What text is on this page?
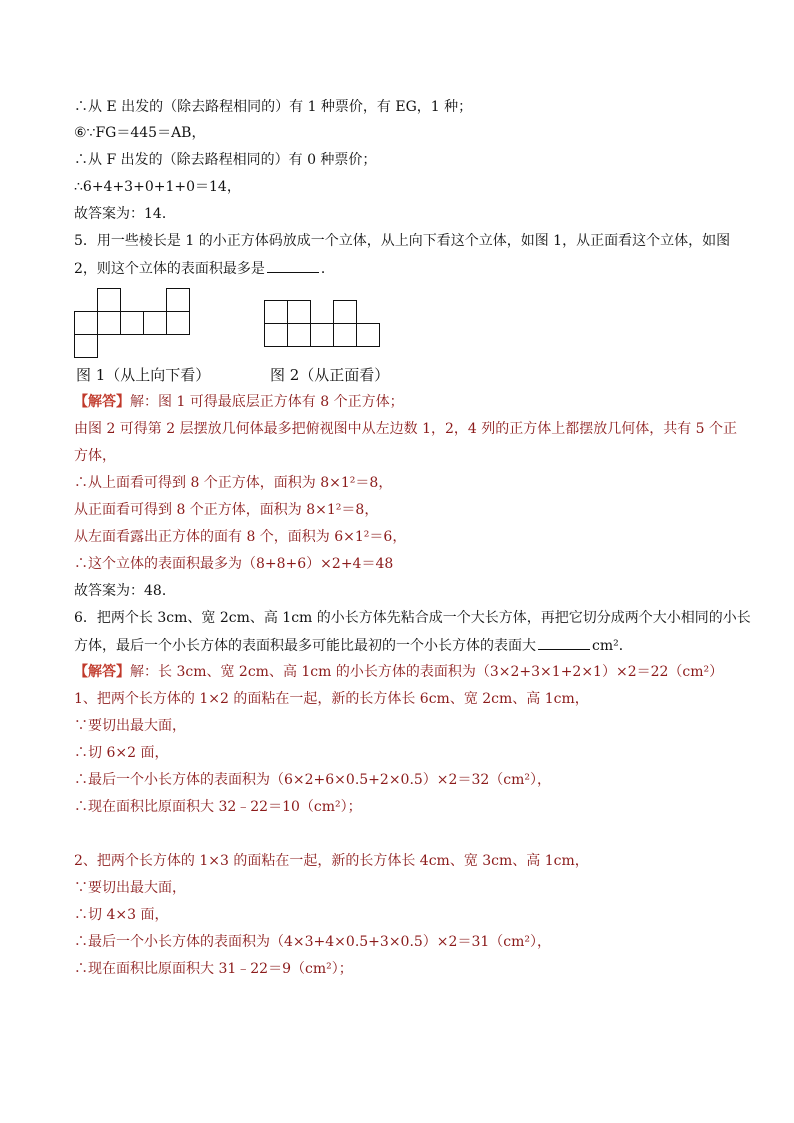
∴从 E 出发的（除去路程相同的）有 1 种票价，有 EG，1 种；
⑥∵FG＝445＝AB，
∴从 F 出发的（除去路程相同的）有 0 种票价；
∴6+4+3+0+1+0＝14，
故答案为：14．
5．用一些棱长是 1 的小正方体码放成一个立体，从上向下看这个立体，如图 1，从正面看这个立体，如图
2，则这个立体的表面积最多是	．
图 1（从上向下看）	图 2（从正面看）
【解答】解：图 1 可得最底层正方体有 8 个正方体；
由图 2 可得第 2 层摆放几何体最多把俯视图中从左边数 1，2，4 列的正方体上都摆放几何体，共有 5 个正
方体，
∴从上面看可得到 8 个正方体，面积为 8×1²＝8，
从正面看可得到 8 个正方体，面积为 8×1²＝8，
从左面看露出正方体的面有 8 个，面积为 6×1²＝6，
∴这个立体的表面积最多为（8+8+6）×2+4＝48
故答案为：48．
6．把两个长 3cm、宽 2cm、高 1cm 的小长方体先粘合成一个大长方体，再把它切分成两个大小相同的小长
方体，最后一个小长方体的表面积最多可能比最初的一个小长方体的表面大	cm²．
【解答】解：长 3cm、宽 2cm、高 1cm 的小长方体的表面积为（3×2+3×1+2×1）×2＝22（cm²）
1、把两个长方体的 1×2 的面粘在一起，新的长方体长 6cm、宽 2cm、高 1cm，
∵要切出最大面，
∴切 6×2 面，
∴最后一个小长方体的表面积为（6×2+6×0.5+2×0.5）×2＝32（cm²），
∴现在面积比原面积大 32﹣22＝10（cm²）；
2、把两个长方体的 1×3 的面粘在一起，新的长方体长 4cm、宽 3cm、高 1cm，
∵要切出最大面，
∴切 4×3 面，
∴最后一个小长方体的表面积为（4×3+4×0.5+3×0.5）×2＝31（cm²），
∴现在面积比原面积大 31﹣22＝9（cm²）；
